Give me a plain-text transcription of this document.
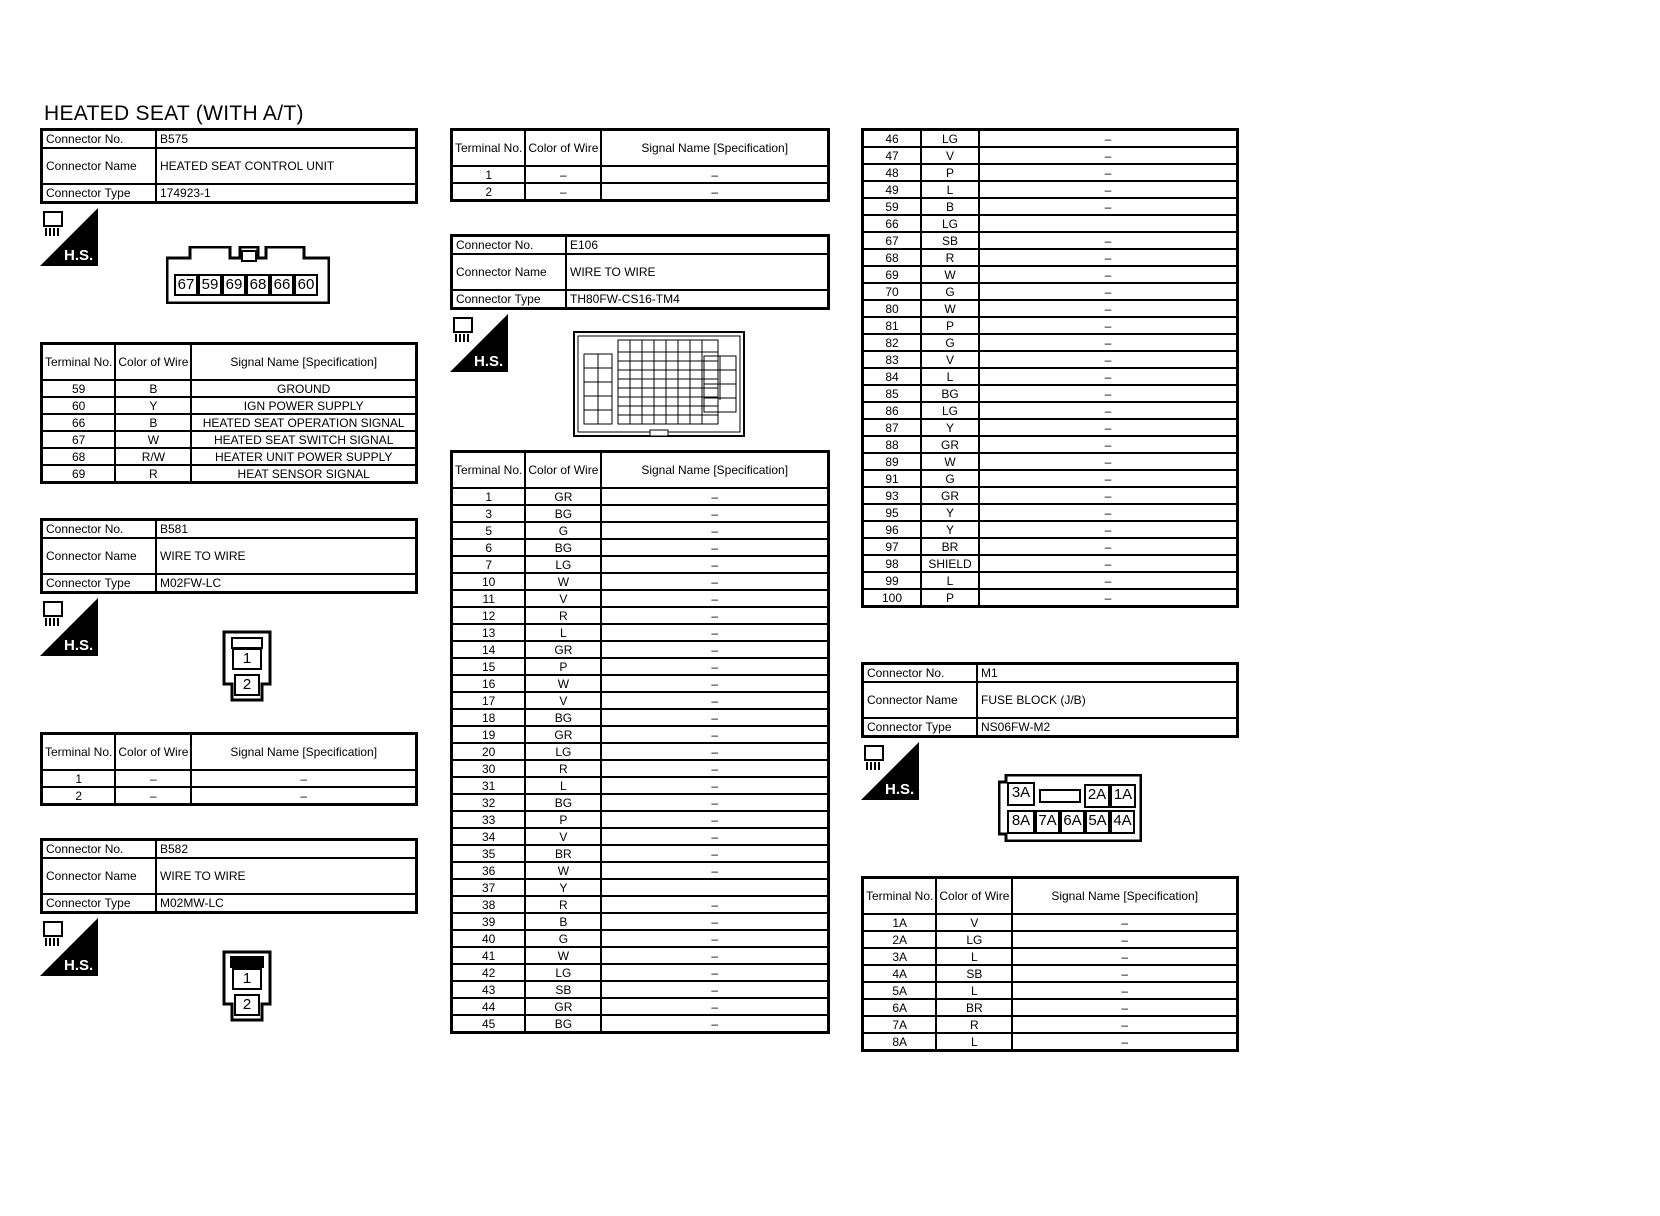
HEATED SEAT (WITH A/T)
Connector No.	B575
Connector Name	HEATED SEAT CONTROL UNIT
Connector Type	174923-1
H.S.
67 59 69 68 66 60
Terminal No.	Color of Wire	Signal Name [Specification]
59	B	GROUND
60	Y	IGN POWER SUPPLY
66	B	HEATED SEAT OPERATION SIGNAL
67	W	HEATED SEAT SWITCH SIGNAL
68	R/W	HEATER UNIT POWER SUPPLY
69	R	HEAT SENSOR SIGNAL
Connector No.	B581
Connector Name	WIRE TO WIRE
Connector Type	M02FW-LC
H.S.
1
2
Terminal No.	Color of Wire	Signal Name [Specification]
1	–	–
2	–	–
Connector No.	B582
Connector Name	WIRE TO WIRE
Connector Type	M02MW-LC
H.S.
1
2
Terminal No.	Color of Wire	Signal Name [Specification]
1	–	–
2	–	–
Connector No.	E106
Connector Name	WIRE TO WIRE
Connector Type	TH80FW-CS16-TM4
H.S.
Terminal No.	Color of Wire	Signal Name [Specification]
1	GR	–
3	BG	–
5	G	–
6	BG	–
7	LG	–
10	W	–
11	V	–
12	R	–
13	L	–
14	GR	–
15	P	–
16	W	–
17	V	–
18	BG	–
19	GR	–
20	LG	–
30	R	–
31	L	–
32	BG	–
33	P	–
34	V	–
35	BR	–
36	W	–
37	Y	
38	R	–
39	B	–
40	G	–
41	W	–
42	LG	–
43	SB	–
44	GR	–
45	BG	–
46	LG	–
47	V	–
48	P	–
49	L	–
59	B	–
66	LG	
67	SB	–
68	R	–
69	W	–
70	G	–
80	W	–
81	P	–
82	G	–
83	V	–
84	L	–
85	BG	–
86	LG	–
87	Y	–
88	GR	–
89	W	–
91	G	–
93	GR	–
95	Y	–
96	Y	–
97	BR	–
98	SHIELD	–
99	L	–
100	P	–
Connector No.	M1
Connector Name	FUSE BLOCK (J/B)
Connector Type	NS06FW-M2
H.S.	3A	2A 1A
8A 7A 6A 5A 4A
Terminal No.	Color of Wire	Signal Name [Specification]
1A	V	–
2A	LG	–
3A	L	–
4A	SB	–
5A	L	–
6A	BR	–
7A	R	–
8A	L	–
